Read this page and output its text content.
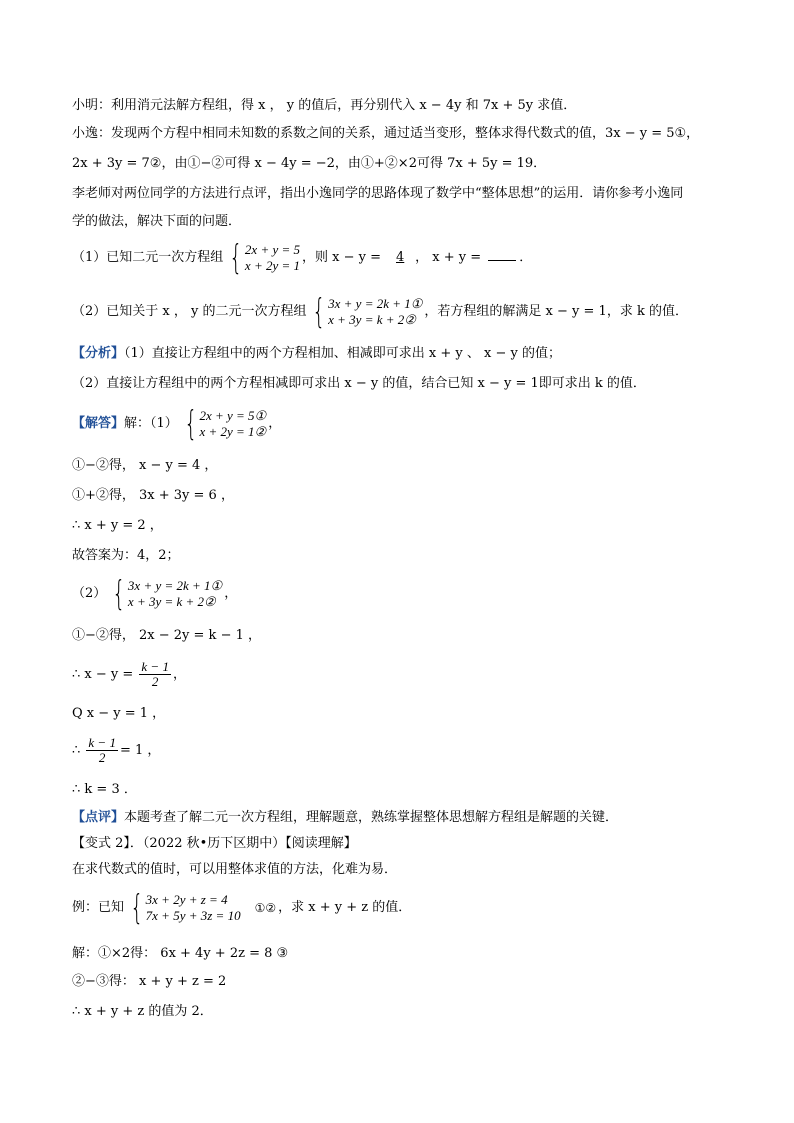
小明：利用消元法解方程组，得 x ， y 的值后，再分别代入 x − 4y 和 7x + 5y 求值．
小逸：发现两个方程中相同未知数的系数之间的关系，通过适当变形，整体求得代数式的值，3x − y = 5①，
2x + 3y = 7②，由①−②可得 x − 4y = −2，由①+②×2可得 7x + 5y = 19．
李老师对两位同学的方法进行点评，指出小逸同学的思路体现了数学中“整体思想”的运用．请你参考小逸同
学的做法，解决下面的问题．
（1）已知二元一次方程组 { 2x + y = 5
x + 2y = 1 ，则 x − y = 4 ， x + y =	．
（2）已知关于 x ， y 的二元一次方程组 { 3x + y = 2k + 1①
x + 3y = k + 2② ，若方程组的解满足 x − y = 1，求 k 的值．
【分析】（1）直接让方程组中的两个方程相加、相减即可求出 x + y 、 x − y 的值；
（2）直接让方程组中的两个方程相减即可求出 x − y 的值，结合已知 x − y = 1即可求出 k 的值．
【解答】解：（1） { 2x + y = 5①
x + 2y = 1② ，
①−②得， x − y = 4 ，
①+②得， 3x + 3y = 6 ，
∴ x + y = 2 ，
故答案为：4，2；
（2） { 3x + y = 2k + 1①
x + 3y = k + 2② ，
①−②得， 2x − 2y = k − 1 ，
∴ $x - y = \frac{k - 1}{2}$ ，
Q x − y = 1 ，
∴ $\frac{k - 1}{2} = 1$ ，
∴ k = 3 ．
【点评】本题考查了解二元一次方程组，理解题意，熟练掌握整体思想解方程组是解题的关键．
【变式 2】．（2022 秋•历下区期中）【阅读理解】
在求代数式的值时，可以用整体求值的方法，化难为易．
例：已知 { 3x + 2y + z = 4
7x + 5y + 3z = 10 ①② ，求 x + y + z 的值．
解：①×2得： 6x + 4y + 2z = 8 ③
②−③得： x + y + z = 2
∴ x + y + z 的值为 2．
